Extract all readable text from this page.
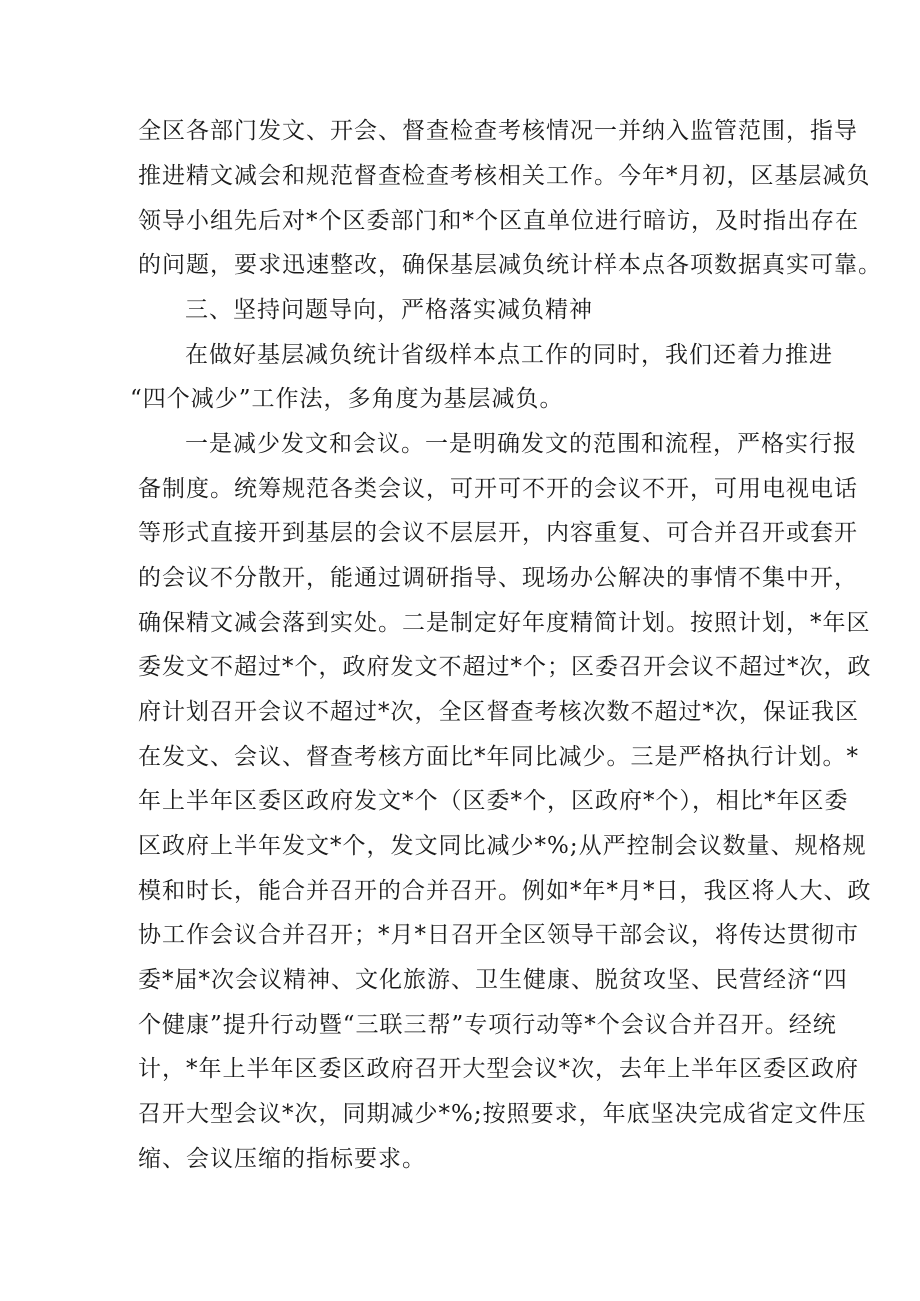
全区各部门发文、开会、督查检查考核情况一并纳入监管范围，指导
推进精文减会和规范督查检查考核相关工作。今年*月初，区基层减负
领导小组先后对*个区委部门和*个区直单位进行暗访，及时指出存在
的问题，要求迅速整改，确保基层减负统计样本点各项数据真实可靠。
三、坚持问题导向，严格落实减负精神
在做好基层减负统计省级样本点工作的同时，我们还着力推进
“四个减少”工作法，多角度为基层减负。
一是减少发文和会议。一是明确发文的范围和流程，严格实行报
备制度。统筹规范各类会议，可开可不开的会议不开，可用电视电话
等形式直接开到基层的会议不层层开，内容重复、可合并召开或套开
的会议不分散开，能通过调研指导、现场办公解决的事情不集中开，
确保精文减会落到实处。二是制定好年度精简计划。按照计划，*年区
委发文不超过*个，政府发文不超过*个；区委召开会议不超过*次，政
府计划召开会议不超过*次，全区督查考核次数不超过*次，保证我区
在发文、会议、督查考核方面比*年同比减少。三是严格执行计划。*
年上半年区委区政府发文*个（区委*个，区政府*个），相比*年区委
区政府上半年发文*个，发文同比减少*%;从严控制会议数量、规格规
模和时长，能合并召开的合并召开。例如*年*月*日，我区将人大、政
协工作会议合并召开；*月*日召开全区领导干部会议，将传达贯彻市
委*届*次会议精神、文化旅游、卫生健康、脱贫攻坚、民营经济“四
个健康”提升行动暨“三联三帮”专项行动等*个会议合并召开。经统
计，*年上半年区委区政府召开大型会议*次，去年上半年区委区政府
召开大型会议*次，同期减少*%;按照要求，年底坚决完成省定文件压
缩、会议压缩的指标要求。
